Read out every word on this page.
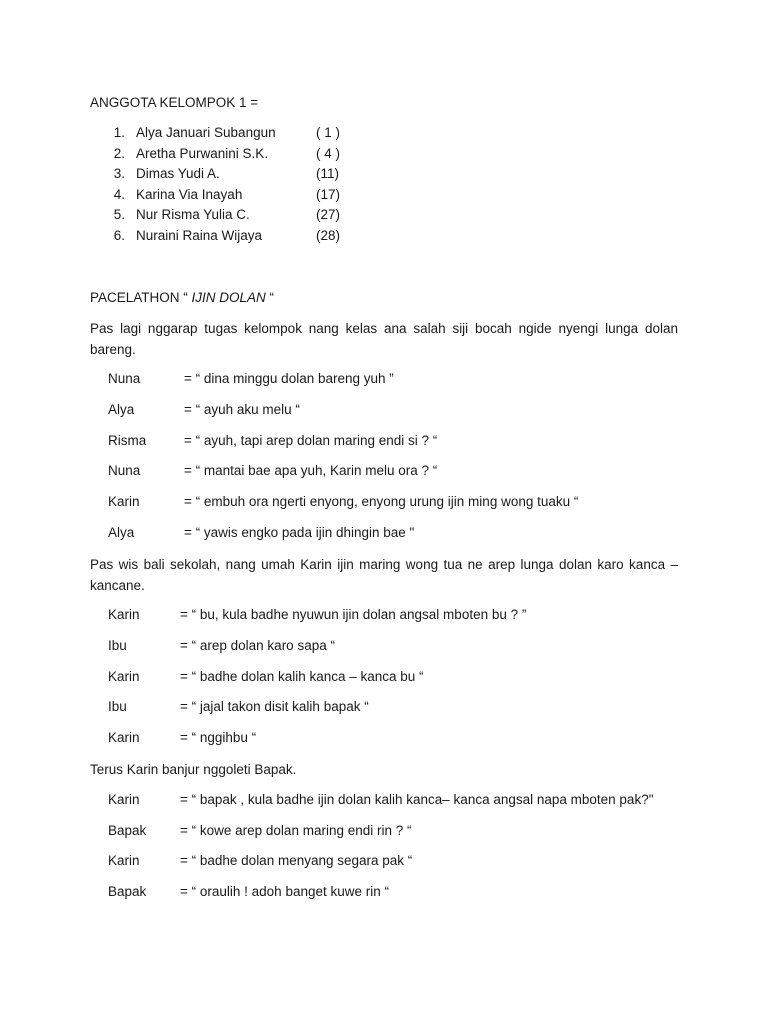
ANGGOTA KELOMPOK 1 =
1. Alya Januari Subangun	( 1 )
2. Aretha Purwanini S.K.	( 4 )
3. Dimas Yudi A.	(11)
4. Karina Via Inayah	(17)
5. Nur Risma Yulia C.	(27)
6. Nuraini Raina Wijaya	(28)
PACELATHON “ IJIN DOLAN “
Pas lagi nggarap tugas kelompok nang kelas ana salah siji bocah ngide nyengi lunga dolan bareng.
Nuna	= “ dina minggu dolan bareng yuh ”
Alya	= “ ayuh aku melu “
Risma	= “ ayuh, tapi arep dolan maring endi si ? “
Nuna	= “ mantai bae apa yuh, Karin melu ora ? “
Karin	= “ embuh ora ngerti enyong, enyong urung ijin ming wong tuaku “
Alya	= “ yawis engko pada ijin dhingin bae "
Pas wis bali sekolah, nang umah Karin ijin maring wong tua ne arep lunga dolan karo kanca – kancane.
Karin	= “ bu, kula badhe nyuwun ijin dolan angsal mboten bu ? ”
Ibu	= “ arep dolan karo sapa “
Karin	= “ badhe dolan kalih kanca – kanca bu “
Ibu	= “ jajal takon disit kalih bapak “
Karin	= “ nggihbu “
Terus Karin banjur nggoleti Bapak.
Karin	= “ bapak , kula badhe ijin dolan kalih kanca– kanca angsal napa mboten pak?"
Bapak = “ kowe arep dolan maring endi rin ? “
Karin	= “ badhe dolan menyang segara pak “
Bapak = “ oraulih ! adoh banget kuwe rin “
